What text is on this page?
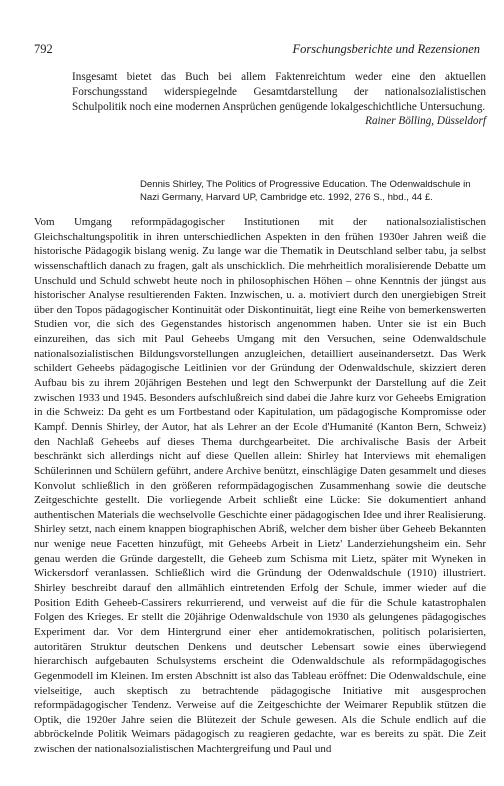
792	Forschungsberichte und Rezensionen

Insgesamt bietet das Buch bei allem Faktenreichtum weder eine den aktuellen Forschungsstand widerspiegelnde Gesamtdarstellung der nationalsozialistischen Schulpolitik noch eine modernen Ansprüchen genügende lokalgeschichtliche Untersuchung.

Rainer Bölling, Düsseldorf

Dennis Shirley, The Politics of Progressive Education. The Odenwaldschule in Nazi Germany, Harvard UP, Cambridge etc. 1992, 276 S., hbd., 44 £.

Vom Umgang reformpädagogischer Institutionen mit der nationalsozialistischen Gleichschaltungspolitik in ihren unterschiedlichen Aspekten in den frühen 1930er Jahren weiß die historische Pädagogik bislang wenig. Zu lange war die Thematik in Deutschland selber tabu, ja selbst wissenschaftlich danach zu fragen, galt als unschicklich. Die mehrheitlich moralisierende Debatte um Unschuld und Schuld schwebt heute noch in philosophischen Höhen – ohne Kenntnis der jüngst aus historischer Analyse resultierenden Fakten. Inzwischen, u. a. motiviert durch den unergiebigen Streit über den Topos pädagogischer Kontinuität oder Diskontinuität, liegt eine Reihe von bemerkenswerten Studien vor, die sich des Gegenstandes historisch angenommen haben. Unter sie ist ein Buch einzureihen, das sich mit Paul Geheebs Umgang mit den Versuchen, seine Odenwaldschule nationalsozialistischen Bildungsvorstellungen anzugleichen, detailliert auseinandersetzt. Das Werk schildert Geheebs pädagogische Leitlinien vor der Gründung der Odenwaldschule, skizziert deren Aufbau bis zu ihrem 20jährigen Bestehen und legt den Schwerpunkt der Darstellung auf die Zeit zwischen 1933 und 1945. Besonders aufschlußreich sind dabei die Jahre kurz vor Geheebs Emigration in die Schweiz: Da geht es um Fortbestand oder Kapitulation, um pädagogische Kompromisse oder Kampf. Dennis Shirley, der Autor, hat als Lehrer an der Ecole d'Humanité (Kanton Bern, Schweiz) den Nachlaß Geheebs auf dieses Thema durchgearbeitet. Die archivalische Basis der Arbeit beschränkt sich allerdings nicht auf diese Quellen allein: Shirley hat Interviews mit ehemaligen Schülerinnen und Schülern geführt, andere Archive benützt, einschlägige Daten gesammelt und dieses Konvolut schließlich in den größeren reformpädagogischen Zusammenhang sowie die deutsche Zeitgeschichte gestellt. Die vorliegende Arbeit schließt eine Lücke: Sie dokumentiert anhand authentischen Materials die wechselvolle Geschichte einer pädagogischen Idee und ihrer Realisierung. Shirley setzt, nach einem knappen biographischen Abriß, welcher dem bisher über Geheeb Bekannten nur wenige neue Facetten hinzufügt, mit Geheebs Arbeit in Lietz' Landerziehungsheim ein. Sehr genau werden die Gründe dargestellt, die Geheeb zum Schisma mit Lietz, später mit Wyneken in Wickersdorf veranlassen. Schließlich wird die Gründung der Odenwaldschule (1910) illustriert. Shirley beschreibt darauf den allmählich eintretenden Erfolg der Schule, immer wieder auf die Position Edith Geheeb-Cassirers rekurrierend, und verweist auf die für die Schule katastrophalen Folgen des Krieges. Er stellt die 20jährige Odenwaldschule von 1930 als gelungenes pädagogisches Experiment dar. Vor dem Hintergrund einer eher antidemokratischen, politisch polarisierten, autoritären Struktur deutschen Denkens und deutscher Lebensart sowie eines überwiegend hierarchisch aufgebauten Schulsystems erscheint die Odenwaldschule als reformpädagogisches Gegenmodell im Kleinen. Im ersten Abschnitt ist also das Tableau eröffnet: Die Odenwaldschule, eine vielseitige, auch skeptisch zu betrachtende pädagogische Initiative mit ausgesprochen reformpädagogischer Tendenz. Verweise auf die Zeitgeschichte der Weimarer Republik stützen die Optik, die 1920er Jahre seien die Blütezeit der Schule gewesen. Als die Schule endlich auf die abbröckelnde Politik Weimars pädagogisch zu reagieren gedachte, war es bereits zu spät. Die Zeit zwischen der nationalsozialistischen Machtergreifung und Paul und
